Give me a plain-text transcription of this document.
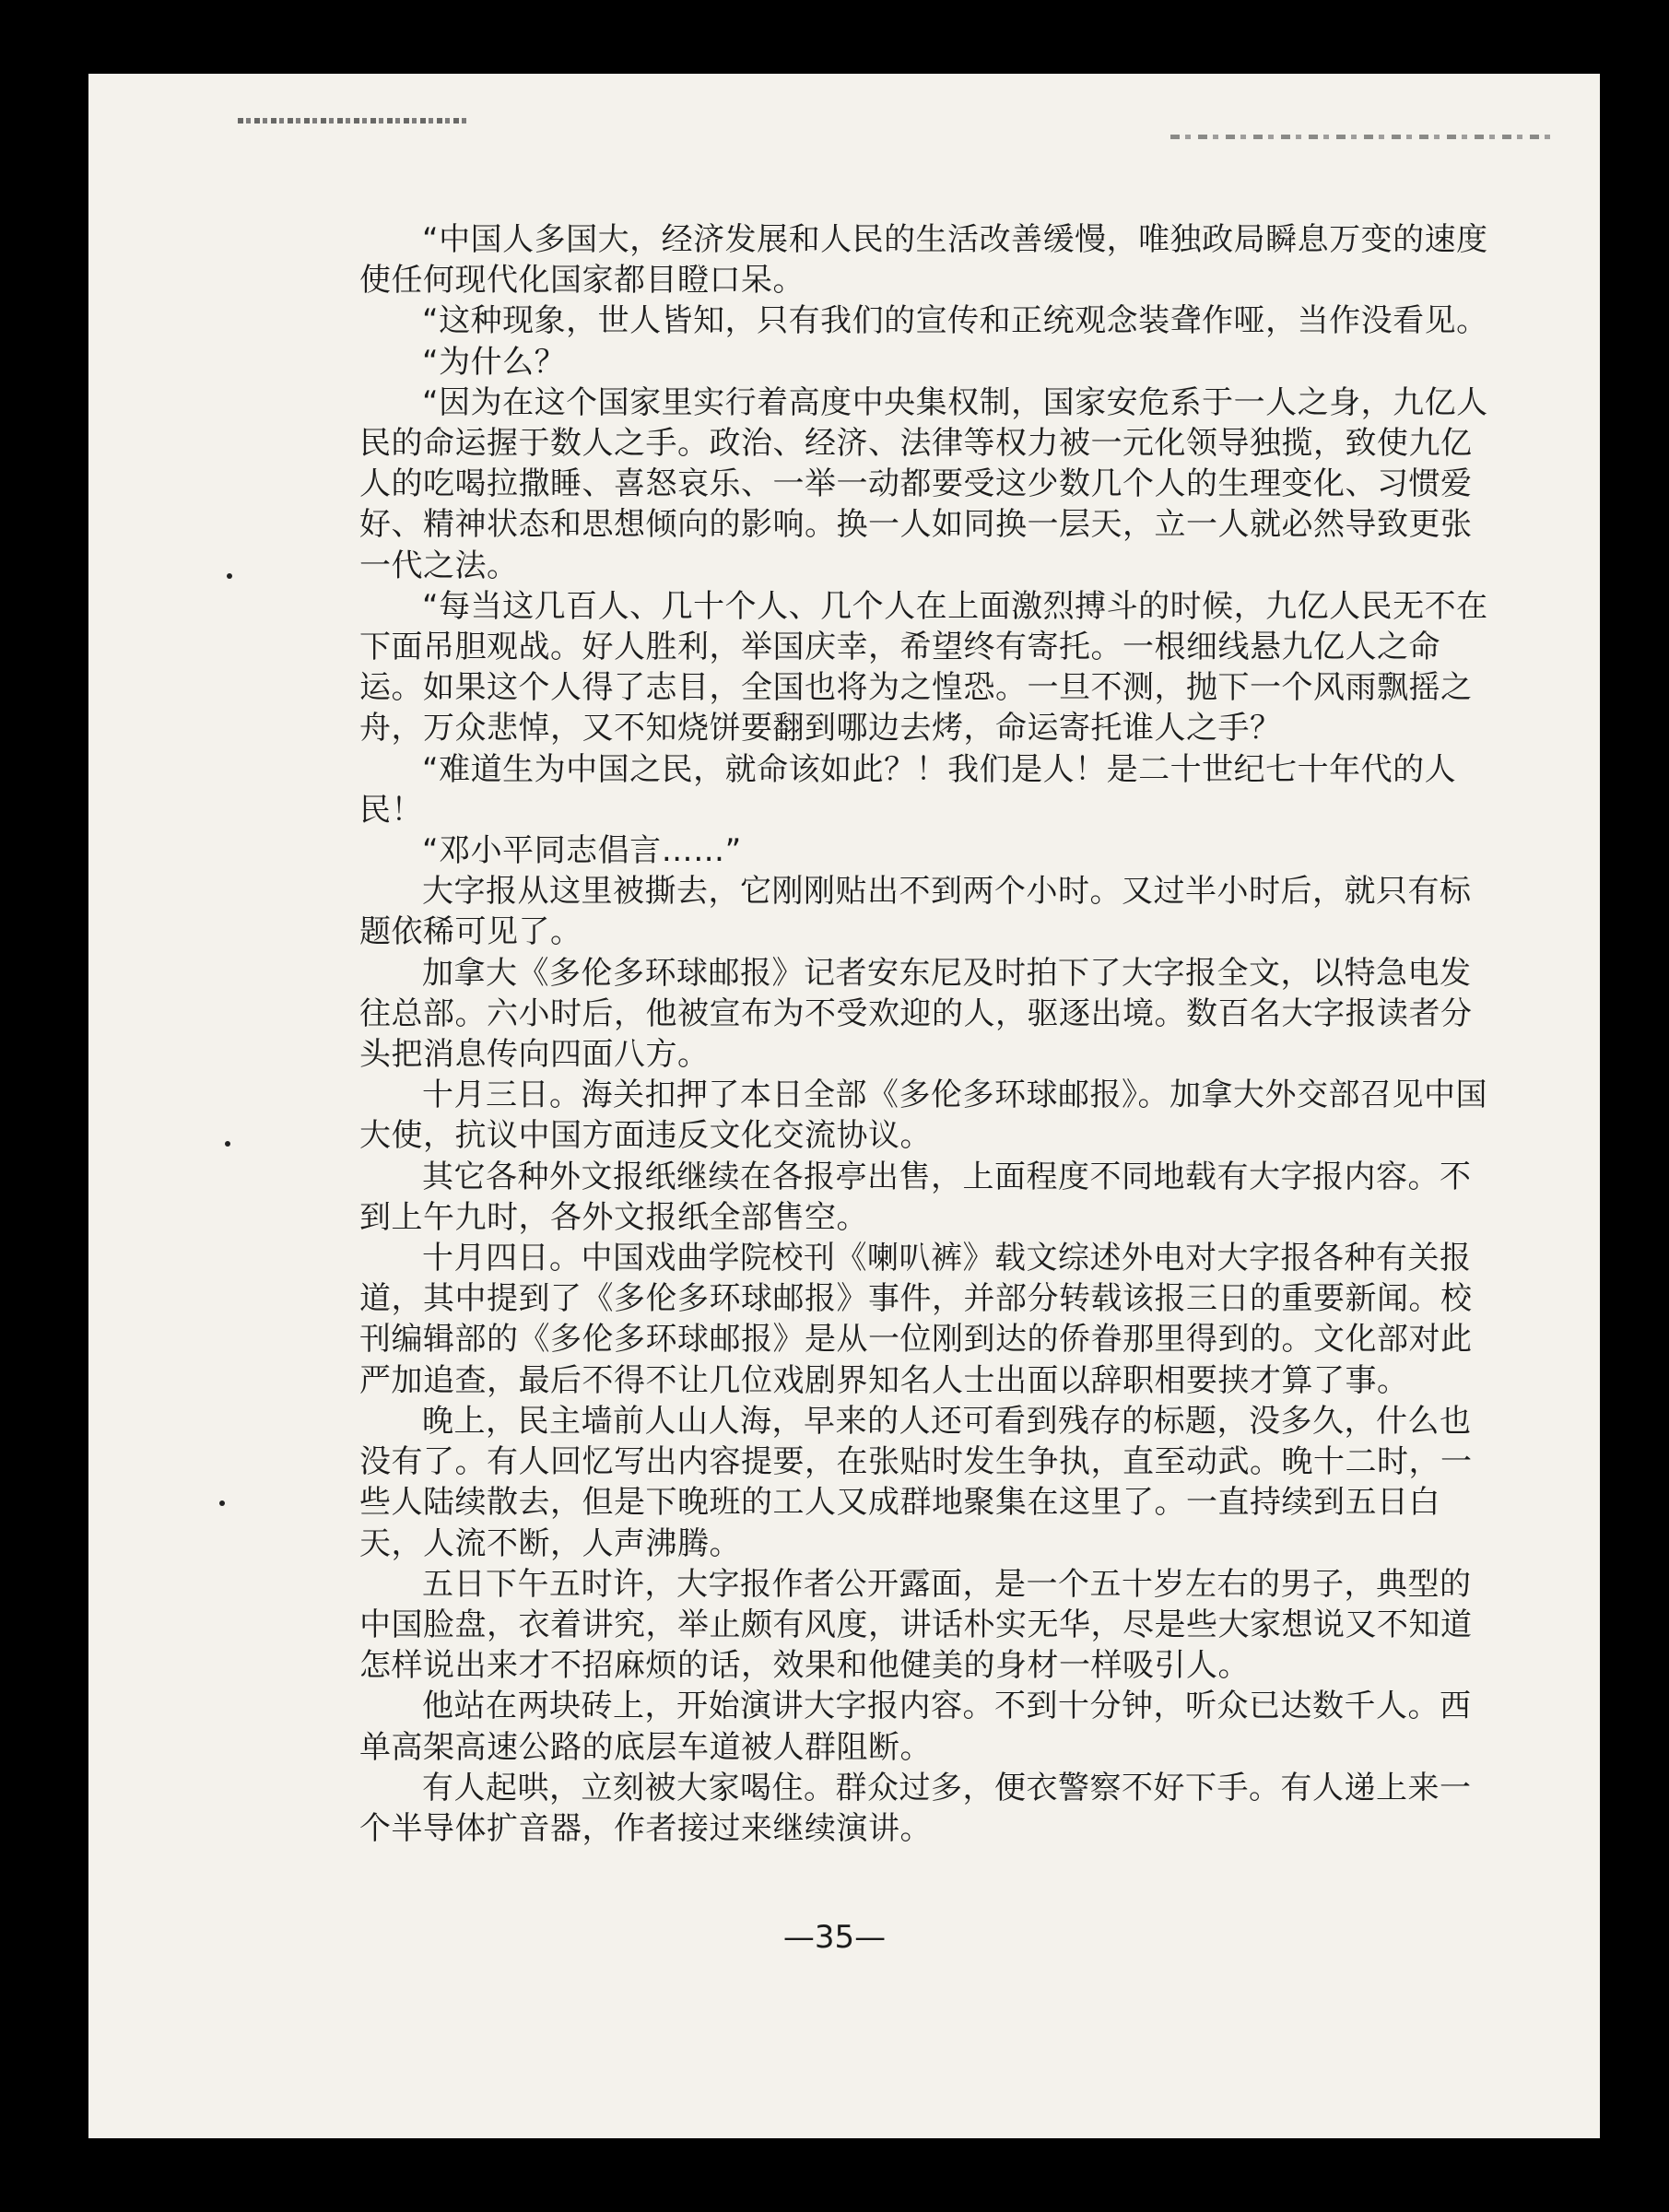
“中国人多国大，经济发展和人民的生活改善缓慢，唯独政局瞬息万变的速度使任何现代化国家都目瞪口呆。

“这种现象，世人皆知，只有我们的宣传和正统观念装聋作哑，当作没看见。

“为什么？

“因为在这个国家里实行着高度中央集权制，国家安危系于一人之身，九亿人民的命运握于数人之手。政治、经济、法律等权力被一元化领导独揽，致使九亿人的吃喝拉撒睡、喜怒哀乐、一举一动都要受这少数几个人的生理变化、习惯爱好、精神状态和思想倾向的影响。换一人如同换一层天，立一人就必然导致更张一代之法。

“每当这几百人、几十个人、几个人在上面激烈搏斗的时候，九亿人民无不在下面吊胆观战。好人胜利，举国庆幸，希望终有寄托。一根细线悬九亿人之命运。如果这个人得了志目，全国也将为之惶恐。一旦不测，抛下一个风雨飘摇之舟，万众悲悼，又不知烧饼要翻到哪边去烤，命运寄托谁人之手？

“难道生为中国之民，就命该如此？！我们是人！是二十世纪七十年代的人民！

“邓小平同志倡言……”

大字报从这里被撕去，它刚刚贴出不到两个小时。又过半小时后，就只有标题依稀可见了。

加拿大《多伦多环球邮报》记者安东尼及时拍下了大字报全文，以特急电发往总部。六小时后，他被宣布为不受欢迎的人，驱逐出境。数百名大字报读者分头把消息传向四面八方。

十月三日。海关扣押了本日全部《多伦多环球邮报》。加拿大外交部召见中国大使，抗议中国方面违反文化交流协议。

其它各种外文报纸继续在各报亭出售，上面程度不同地载有大字报内容。不到上午九时，各外文报纸全部售空。

十月四日。中国戏曲学院校刊《喇叭裤》载文综述外电对大字报各种有关报道，其中提到了《多伦多环球邮报》事件，并部分转载该报三日的重要新闻。校刊编辑部的《多伦多环球邮报》是从一位刚到达的侨眷那里得到的。文化部对此严加追查，最后不得不让几位戏剧界知名人士出面以辞职相要挟才算了事。

晚上，民主墙前人山人海，早来的人还可看到残存的标题，没多久，什么也没有了。有人回忆写出内容提要，在张贴时发生争执，直至动武。晚十二时，一些人陆续散去，但是下晚班的工人又成群地聚集在这里了。一直持续到五日白天，人流不断，人声沸腾。

五日下午五时许，大字报作者公开露面，是一个五十岁左右的男子，典型的中国脸盘，衣着讲究，举止颇有风度，讲话朴实无华，尽是些大家想说又不知道怎样说出来才不招麻烦的话，效果和他健美的身材一样吸引人。

他站在两块砖上，开始演讲大字报内容。不到十分钟，听众已达数千人。西单高架高速公路的底层车道被人群阻断。

有人起哄，立刻被大家喝住。群众过多，便衣警察不好下手。有人递上来一个半导体扩音器，作者接过来继续演讲。

—35—
